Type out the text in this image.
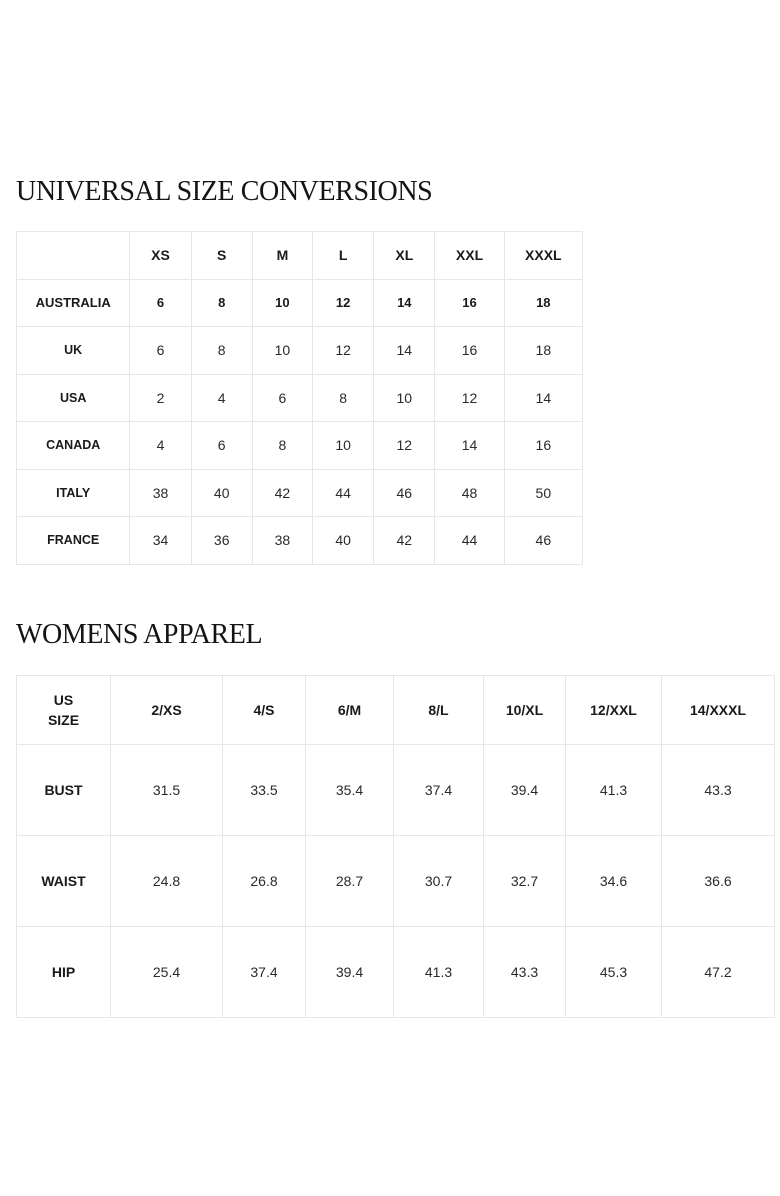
UNIVERSAL SIZE CONVERSIONS
	XS	S	M	L	XL	XXL	XXXL
AUSTRALIA	6	8	10	12	14	16	18
UK	6	8	10	12	14	16	18
USA	2	4	6	8	10	12	14
CANADA	4	6	8	10	12	14	16
ITALY	38	40	42	44	46	48	50
FRANCE	34	36	38	40	42	44	46
WOMENS APPAREL
US
SIZE	2/XS	4/S	6/M	8/L	10/XL	12/XXL	14/XXXL
BUST	31.5	33.5	35.4	37.4	39.4	41.3	43.3
WAIST	24.8	26.8	28.7	30.7	32.7	34.6	36.6
HIP	25.4	37.4	39.4	41.3	43.3	45.3	47.2
